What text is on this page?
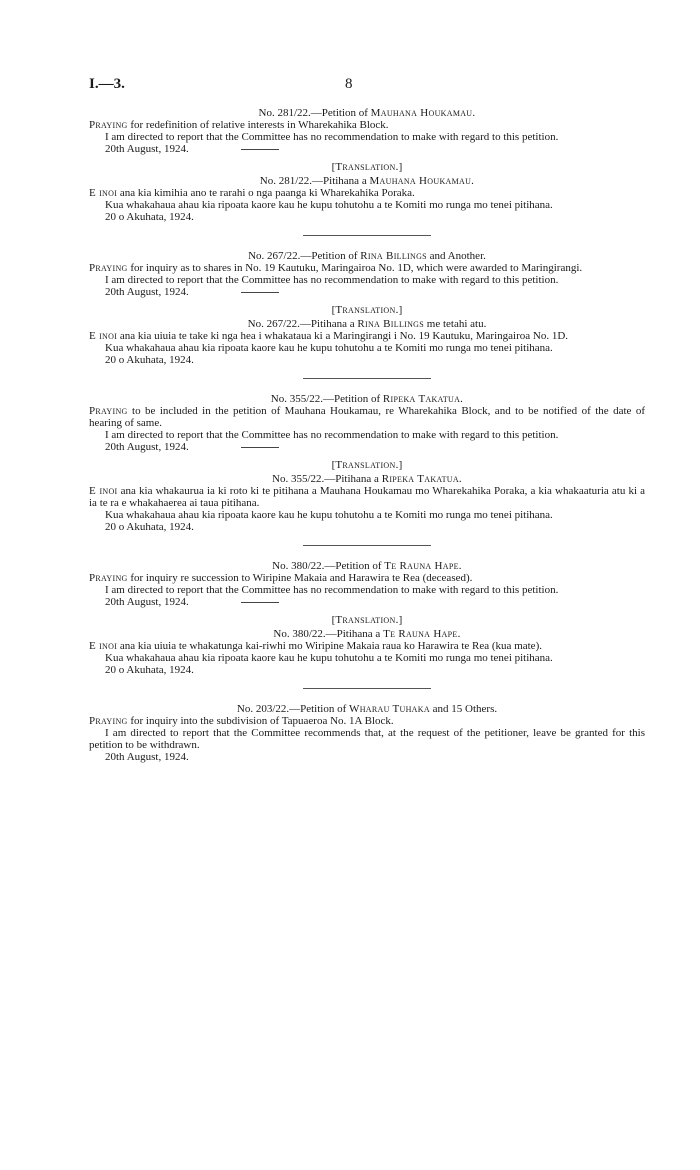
I.—3.	8

No. 281/22.—Petition of Mauhana Houkamau.

Praying for redefinition of relative interests in Wharekahika Block.

I am directed to report that the Committee has no recommendation to make with regard to this petition.

20th August, 1924.

[Translation.]

No. 281/22.—Pitihana a Mauhana Houkamau.

E inoi ana kia kimihia ano te rarahi o nga paanga ki Wharekahika Poraka.

Kua whakahaua ahau kia ripoata kaore kau he kupu tohutohu a te Komiti mo runga mo tenei pitihana.

20 o Akuhata, 1924.

No. 267/22.—Petition of Rina Billings and Another.

Praying for inquiry as to shares in No. 19 Kautuku, Maringairoa No. 1D, which were awarded to Maringirangi.

I am directed to report that the Committee has no recommendation to make with regard to this petition.

20th August, 1924.

[Translation.]

No. 267/22.—Pitihana a Rina Billings me tetahi atu.

E inoi ana kia uiuia te take ki nga hea i whakataua ki a Maringirangi i No. 19 Kautuku, Maringairoa No. 1D.

Kua whakahaua ahau kia ripoata kaore kau he kupu tohutohu a te Komiti mo runga mo tenei pitihana.

20 o Akuhata, 1924.

No. 355/22.—Petition of Ripeka Takatua.

Praying to be included in the petition of Mauhana Houkamau, re Wharekahika Block, and to be notified of the date of hearing of same.

I am directed to report that the Committee has no recommendation to make with regard to this petition.

20th August, 1924.

[Translation.]

No. 355/22.—Pitihana a Ripeka Takatua.

E inoi ana kia whakaurua ia ki roto ki te pitihana a Mauhana Houkamau mo Wharekahika Poraka, a kia whakaaturia atu ki a ia te ra e whakahaerea ai taua pitihana.

Kua whakahaua ahau kia ripoata kaore kau he kupu tohutohu a te Komiti mo runga mo tenei pitihana.

20 o Akuhata, 1924.

No. 380/22.—Petition of Te Rauna Hape.

Praying for inquiry re succession to Wiripine Makaia and Harawira te Rea (deceased).

I am directed to report that the Committee has no recommendation to make with regard to this petition.

20th August, 1924.

[Translation.]

No. 380/22.—Pitihana a Te Rauna Hape.

E inoi ana kia uiuia te whakatunga kai-riwhi mo Wiripine Makaia raua ko Harawira te Rea (kua mate).

Kua whakahaua ahau kia ripoata kaore kau he kupu tohutohu a te Komiti mo runga mo tenei pitihana.

20 o Akuhata, 1924.

No. 203/22.—Petition of Wharau Tuhaka and 15 Others.

Praying for inquiry into the subdivision of Tapuaeroa No. 1A Block.

I am directed to report that the Committee recommends that, at the request of the petitioner, leave be granted for this petition to be withdrawn.

20th August, 1924.
